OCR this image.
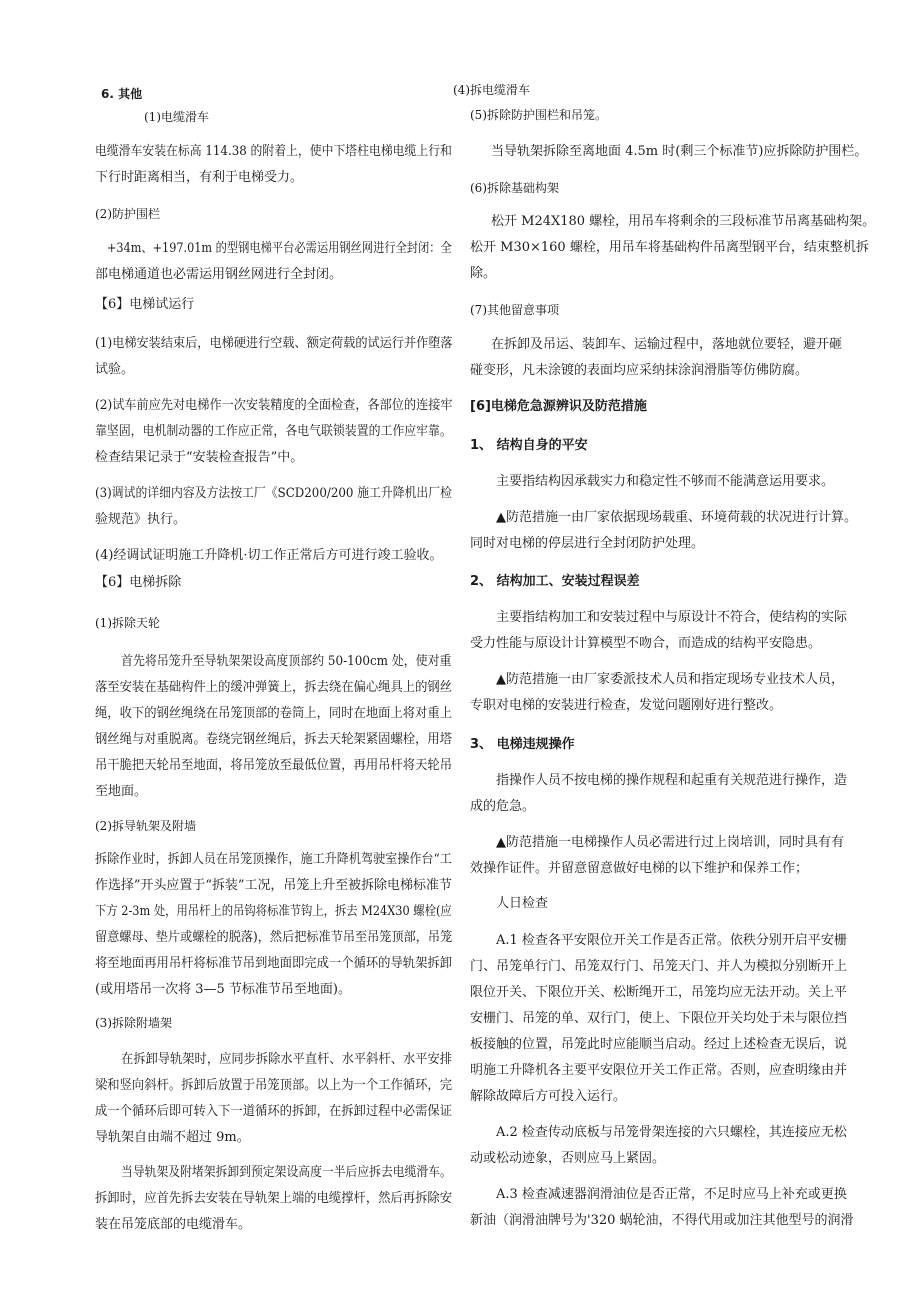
6. 其他
(1)电缆滑车
电缆滑车安装在标高 114.38 的附着上，使中下塔柱电梯电缆上行和
下行时距离相当，有利于电梯受力。
(2)防护围栏
+34m、+197.01m 的型钢电梯平台必需运用钢丝网进行全封闭：全
部电梯通道也必需运用钢丝网进行全封闭。
【6】电梯试运行
(1)电梯安装结束后，电梯硬进行空载、额定荷载的试运行并作堕落
试验。
(2)试车前应先对电梯作一次安装精度的全面检查，各部位的连接牢
靠坚固，电机制动器的工作应正常，各电气联锁装置的工作应牢靠。
检查结果记录于“安装检查报告”中。
(3)调试的详细内容及方法按工厂《SCD200/200 施工升降机出厂检
验规范》执行。
(4)经调试证明施工升降机·切工作正常后方可进行竣工验收。
【6】电梯拆除
(1)拆除天轮
首先将吊笼升至导轨架架设高度顶部约 50-100cm 处，使对重
落至安装在基础构件上的缓冲弹簧上，拆去绕在偏心绳具上的钢丝
绳，收下的钢丝绳绕在吊笼顶部的卷筒上，同时在地面上将对重上
钢丝绳与对重脱离。卷绕完钢丝绳后，拆去天轮架紧固螺栓，用塔
吊干脆把天轮吊至地面，将吊笼放至最低位置，再用吊杆将天轮吊
至地面。
(2)拆导轨架及附墙
拆除作业时，拆卸人员在吊笼顶操作，施工升降机驾驶室操作台“工
作选择”开头应置于“拆装”工况，吊笼上升至被拆除电梯标准节
下方 2-3m 处，用吊杆上的吊钩将标准节钩上，拆去 M24X30 螺栓(应
留意螺母、垫片或螺栓的脱落)，然后把标准节吊至吊笼顶部，吊笼
将至地面再用吊杆将标准节吊到地面即完成一个循环的导轨架拆卸
(或用塔吊一次将 3—5 节标准节吊至地面)。
(3)拆除附墙架
在拆卸导轨架时，应同步拆除水平直杆、水平斜杆、水平安排
梁和竖向斜杆。拆卸后放置于吊笼顶部。以上为一个工作循环，完
成一个循环后即可转入下一道循环的拆卸，在拆卸过程中必需保证
导轨架自由端不超过 9m。
当导轨架及附堵架拆卸到预定架设高度一半后应拆去电缆滑车。
拆卸时，应首先拆去安装在导轨架上端的电缆撑杆，然后再拆除安
装在吊笼底部的电缆滑车。
(4)拆电缆滑车
(5)拆除防护围栏和吊笼。
当导轨架拆除至离地面 4.5m 时(剩三个标准节)应拆除防护围栏。
(6)拆除基础构架
松开 M24X180 螺栓，用吊车将剩余的三段标准节吊离基础构架。
松开 M30×160 螺栓，用吊车将基础构件吊离型钢平台，结束整机拆
除。
(7)其他留意事项
在拆卸及吊运、装卸车、运输过程中，落地就位要轻，避开砸
碰变形，凡未涂镀的表面均应采纳抹涂润滑脂等仿佛防腐。
[6]电梯危急源辨识及防范措施
1、 结构自身的平安
主要指结构因承载实力和稳定性不够而不能满意运用要求。
▲防范措施一由厂家依据现场载重、环境荷载的状况进行计算。
同时对电梯的停层进行全封闭防护处理。
2、 结构加工、安装过程误差
主要指结构加工和安装过程中与原设计不符合，使结构的实际
受力性能与原设计计算模型不吻合，而造成的结构平安隐患。
▲防范措施一由厂家委派技术人员和指定现场专业技术人员，
专职对电梯的安装进行检查，发觉问题刚好进行整改。
3、 电梯违规操作
指操作人员不按电梯的操作规程和起重有关规范进行操作，造
成的危急。
▲防范措施一电梯操作人员必需进行过上岗培训，同时具有有
效操作证件。并留意留意做好电梯的以下维护和保养工作；
人日检查
A.1 检查各平安限位开关工作是否正常。依秩分别开启平安栅
门、吊笼单行门、吊笼双行门、吊笼天门、并人为模拟分别断开上
限位开关、下限位开关、松断绳开工，吊笼均应无法开动。关上平
安栅门、吊笼的单、双行门，使上、下限位开关均处于未与限位挡
板接触的位置，吊笼此时应能顺当启动。经过上述检查无误后，说
明施工升降机各主要平安限位开关工作正常。否则，应查明缘由并
解除故障后方可投入运行。
A.2 检查传动底板与吊笼骨架连接的六只螺栓，其连接应无松
动或松动迹象，否则应马上紧固。
A.3 检查减速器润滑油位是否正常，不足时应马上补充或更换
新油（润滑油牌号为'320 蜗轮油，不得代用或加注其他型号的润滑
